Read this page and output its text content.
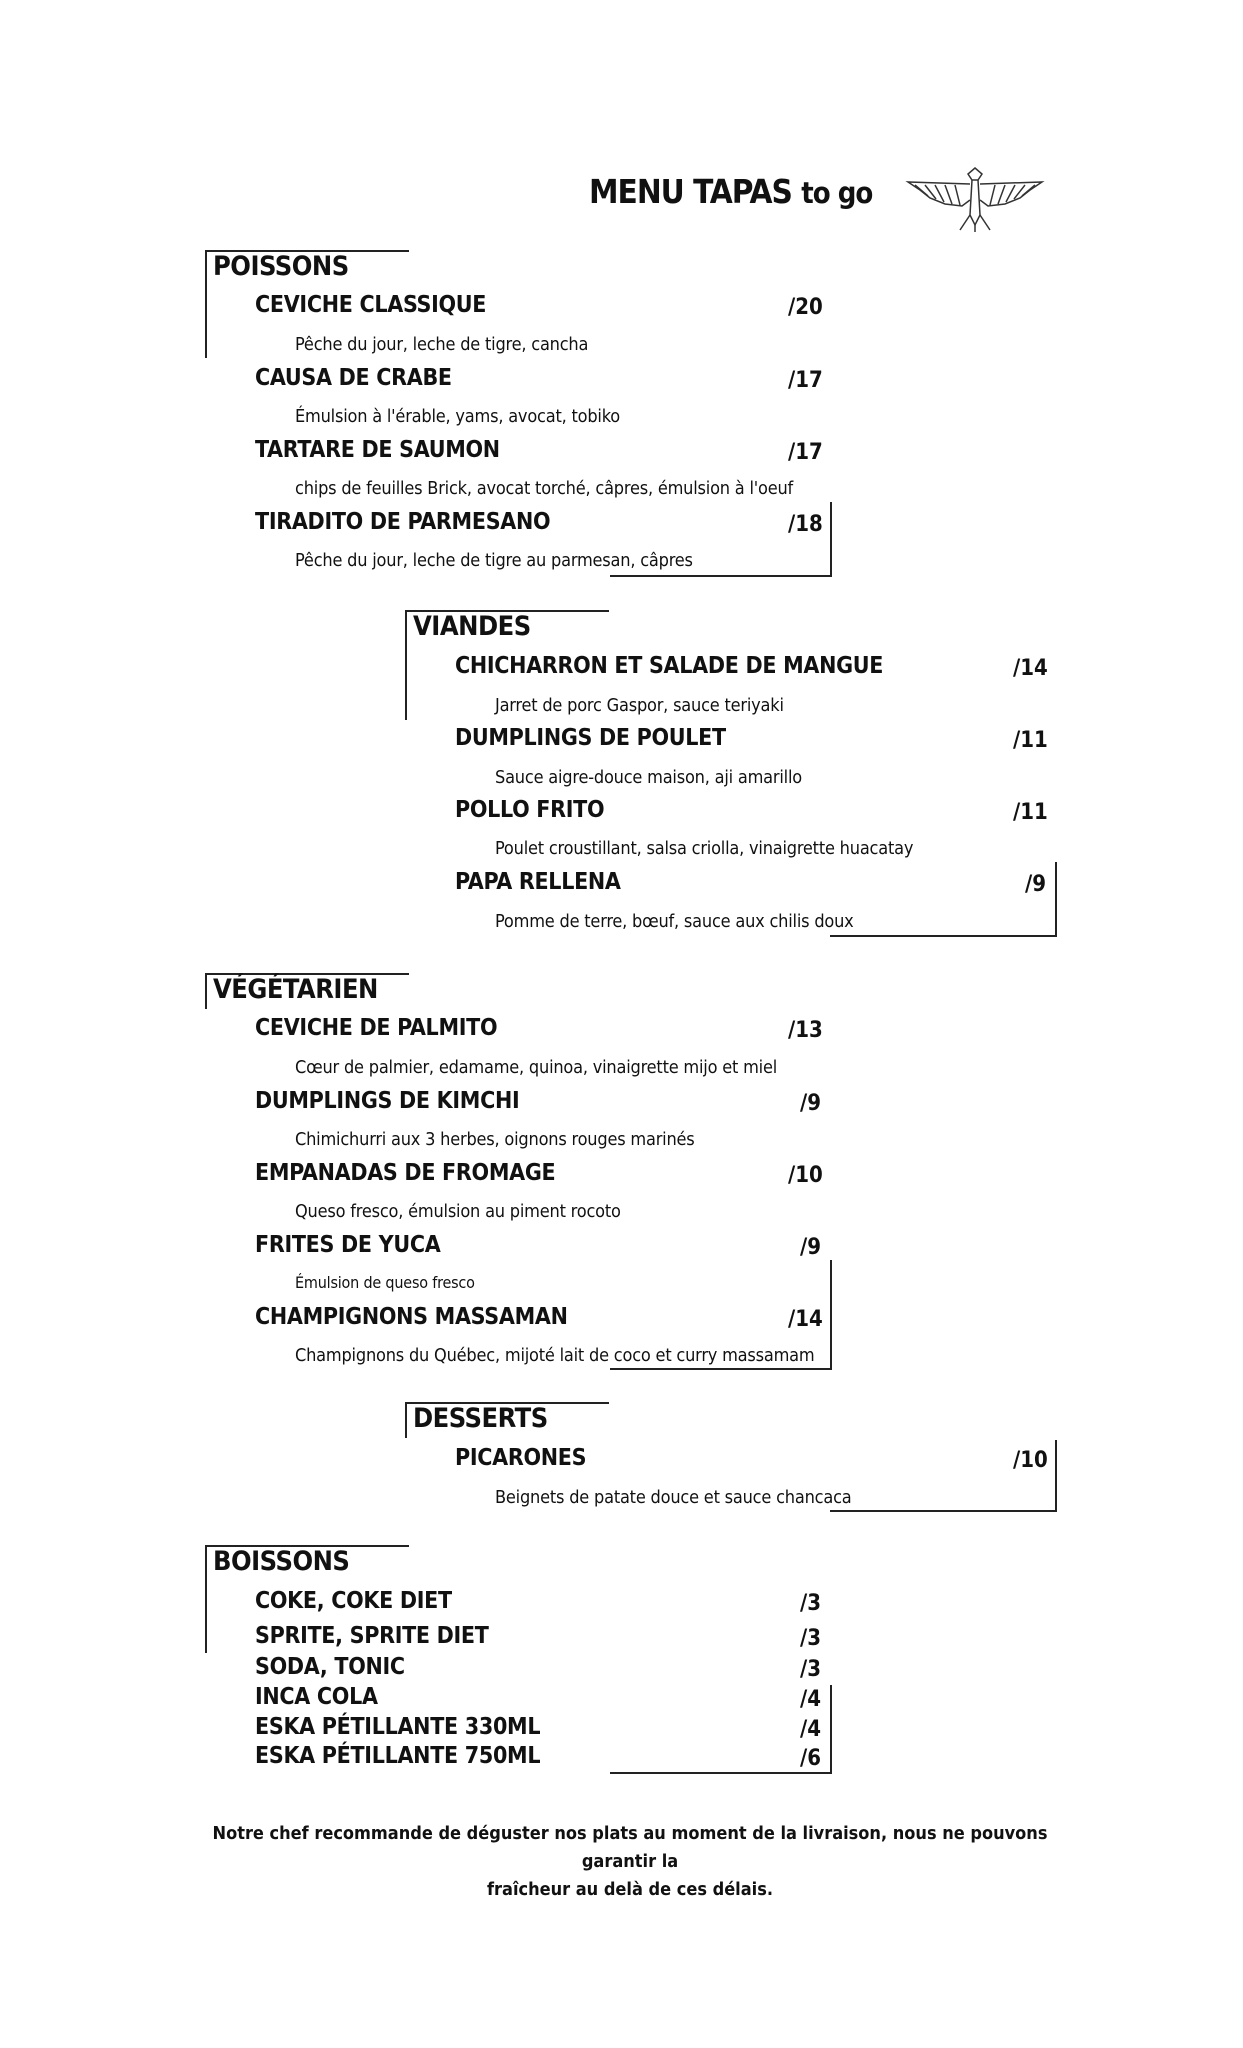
MENU TAPAS to go
POISSONS
CEVICHE CLASSIQUE	/20
Pêche du jour, leche de tigre, cancha
CAUSA DE CRABE	/17
Émulsion à l'érable, yams, avocat, tobiko
TARTARE DE SAUMON	/17
chips de feuilles Brick, avocat torché, câpres, émulsion à l'oeuf
TIRADITO DE PARMESANO	/18
Pêche du jour, leche de tigre au parmesan, câpres
VIANDES
CHICHARRON ET SALADE DE MANGUE	/14
Jarret de porc Gaspor, sauce teriyaki
DUMPLINGS DE POULET	/11
Sauce aigre-douce maison, aji amarillo
POLLO FRITO	/11
Poulet croustillant, salsa criolla, vinaigrette huacatay
PAPA RELLENA	/9
Pomme de terre, bœuf, sauce aux chilis doux
VÉGÉTARIEN
CEVICHE DE PALMITO	/13
Cœur de palmier, edamame, quinoa, vinaigrette mijo et miel
DUMPLINGS DE KIMCHI	/9
Chimichurri aux 3 herbes, oignons rouges marinés
EMPANADAS DE FROMAGE	/10
Queso fresco, émulsion au piment rocoto
FRITES DE YUCA	/9
Émulsion de queso fresco
CHAMPIGNONS MASSAMAN	/14
Champignons du Québec, mijoté lait de coco et curry massamam
DESSERTS
PICARONES	/10
Beignets de patate douce et sauce chancaca
BOISSONS
COKE, COKE DIET	/3
SPRITE, SPRITE DIET	/3
SODA, TONIC	/3
INCA COLA	/4
ESKA PÉTILLANTE 330ML	/4
ESKA PÉTILLANTE 750ML	/6
Notre chef recommande de déguster nos plats au moment de la livraison, nous ne pouvons garantir la
fraîcheur au delà de ces délais.
